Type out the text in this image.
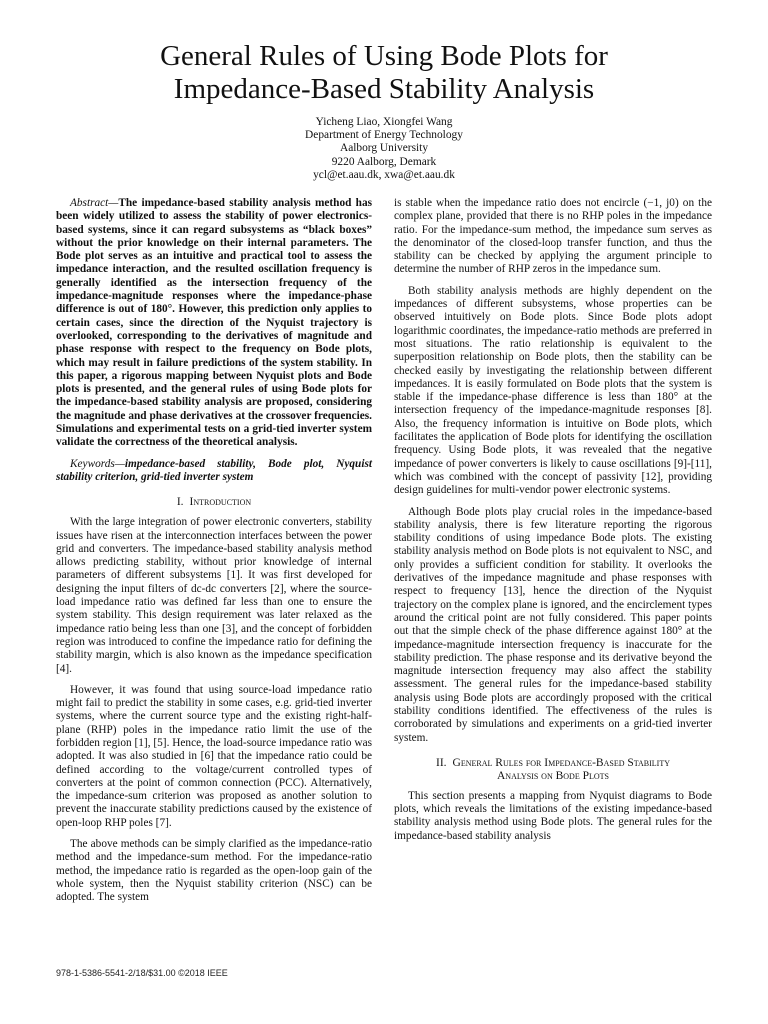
General Rules of Using Bode Plots for
Impedance-Based Stability Analysis
Yicheng Liao, Xiongfei Wang
Department of Energy Technology
Aalborg University
9220 Aalborg, Demark
ycl@et.aau.dk, xwa@et.aau.dk

Abstract—The impedance-based stability analysis method has been widely utilized to assess the stability of power electronics-based systems, since it can regard subsystems as “black boxes” without the prior knowledge on their internal parameters. The Bode plot serves as an intuitive and practical tool to assess the impedance interaction, and the resulted oscillation frequency is generally identified as the intersection frequency of the impedance-magnitude responses where the impedance-phase difference is out of 180°. However, this prediction only applies to certain cases, since the direction of the Nyquist trajectory is overlooked, corresponding to the derivatives of magnitude and phase response with respect to the frequency on Bode plots, which may result in failure predictions of the system stability. In this paper, a rigorous mapping between Nyquist plots and Bode plots is presented, and the general rules of using Bode plots for the impedance-based stability analysis are proposed, considering the magnitude and phase derivatives at the crossover frequencies. Simulations and experimental tests on a grid-tied inverter system validate the correctness of the theoretical analysis.

Keywords—impedance-based stability, Bode plot, Nyquist stability criterion, grid-tied inverter system

I. Introduction

With the large integration of power electronic converters, stability issues have risen at the interconnection interfaces between the power grid and converters. The impedance-based stability analysis method allows predicting stability, without prior knowledge of internal parameters of different subsystems [1]. It was first developed for designing the input filters of dc-dc converters [2], where the source-load impedance ratio was defined far less than one to ensure the system stability. This design requirement was later relaxed as the impedance ratio being less than one [3], and the concept of forbidden region was introduced to confine the impedance ratio for defining the stability margin, which is also known as the impedance specification [4].

However, it was found that using source-load impedance ratio might fail to predict the stability in some cases, e.g. grid-tied inverter systems, where the current source type and the existing right-half-plane (RHP) poles in the impedance ratio limit the use of the forbidden region [1], [5]. Hence, the load-source impedance ratio was adopted. It was also studied in [6] that the impedance ratio could be defined according to the voltage/current controlled types of converters at the point of common connection (PCC). Alternatively, the impedance-sum criterion was proposed as another solution to prevent the inaccurate stability predictions caused by the existence of open-loop RHP poles [7].

The above methods can be simply clarified as the impedance-ratio method and the impedance-sum method. For the impedance-ratio method, the impedance ratio is regarded as the open-loop gain of the whole system, then the Nyquist stability criterion (NSC) can be adopted. The system

is stable when the impedance ratio does not encircle (−1, j0) on the complex plane, provided that there is no RHP poles in the impedance ratio. For the impedance-sum method, the impedance sum serves as the denominator of the closed-loop transfer function, and thus the stability can be checked by applying the argument principle to determine the number of RHP zeros in the impedance sum.

Both stability analysis methods are highly dependent on the impedances of different subsystems, whose properties can be observed intuitively on Bode plots. Since Bode plots adopt logarithmic coordinates, the impedance-ratio methods are preferred in most situations. The ratio relationship is equivalent to the superposition relationship on Bode plots, then the stability can be checked easily by investigating the relationship between different impedances. It is easily formulated on Bode plots that the system is stable if the impedance-phase difference is less than 180° at the intersection frequency of the impedance-magnitude responses [8]. Also, the frequency information is intuitive on Bode plots, which facilitates the application of Bode plots for identifying the oscillation frequency. Using Bode plots, it was revealed that the negative impedance of power converters is likely to cause oscillations [9]-[11], which was combined with the concept of passivity [12], providing design guidelines for multi-vendor power electronic systems.

Although Bode plots play crucial roles in the impedance-based stability analysis, there is few literature reporting the rigorous stability conditions of using impedance Bode plots. The existing stability analysis method on Bode plots is not equivalent to NSC, and only provides a sufficient condition for stability. It overlooks the derivatives of the impedance magnitude and phase responses with respect to frequency [13], hence the direction of the Nyquist trajectory on the complex plane is ignored, and the encirclement types around the critical point are not fully considered. This paper points out that the simple check of the phase difference against 180° at the impedance-magnitude intersection frequency is inaccurate for the stability prediction. The phase response and its derivative beyond the magnitude intersection frequency may also affect the stability assessment. The general rules for the impedance-based stability analysis using Bode plots are accordingly proposed with the critical stability conditions identified. The effectiveness of the rules is corroborated by simulations and experiments on a grid-tied inverter system.

II. General Rules for Impedance-Based Stability
Analysis on Bode Plots

This section presents a mapping from Nyquist diagrams to Bode plots, which reveals the limitations of the existing impedance-based stability analysis method using Bode plots. The general rules for the impedance-based stability analysis

978-1-5386-5541-2/18/$31.00 ©2018 IEEE
